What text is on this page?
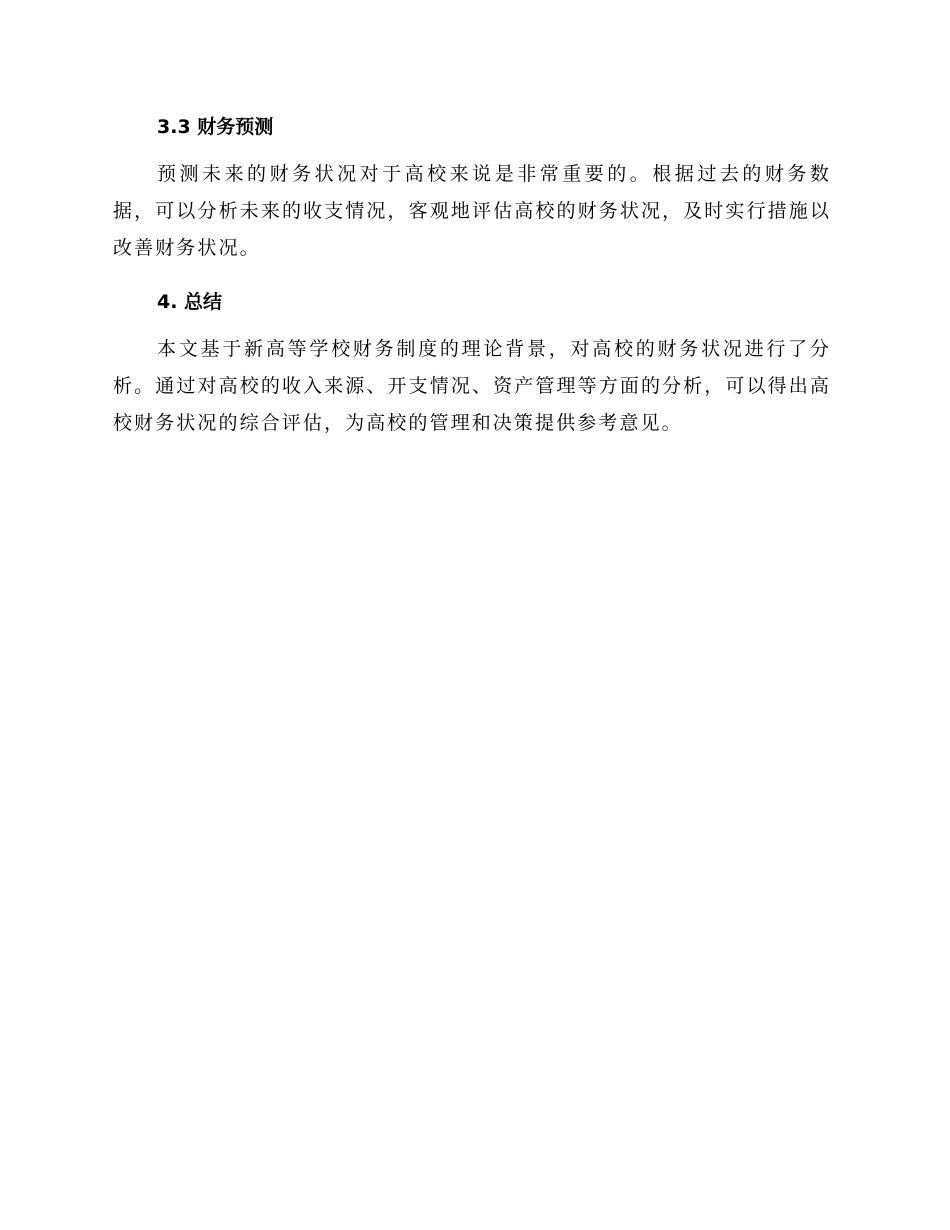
3.3 财务预测

预测未来的财务状况对于高校来说是非常重要的。根据过去的财务数据，可以分析未来的收支情况，客观地评估高校的财务状况，及时实行措施以改善财务状况。

4. 总结

本文基于新高等学校财务制度的理论背景，对高校的财务状况进行了分析。通过对高校的收入来源、开支情况、资产管理等方面的分析，可以得出高校财务状况的综合评估，为高校的管理和决策提供参考意见。
